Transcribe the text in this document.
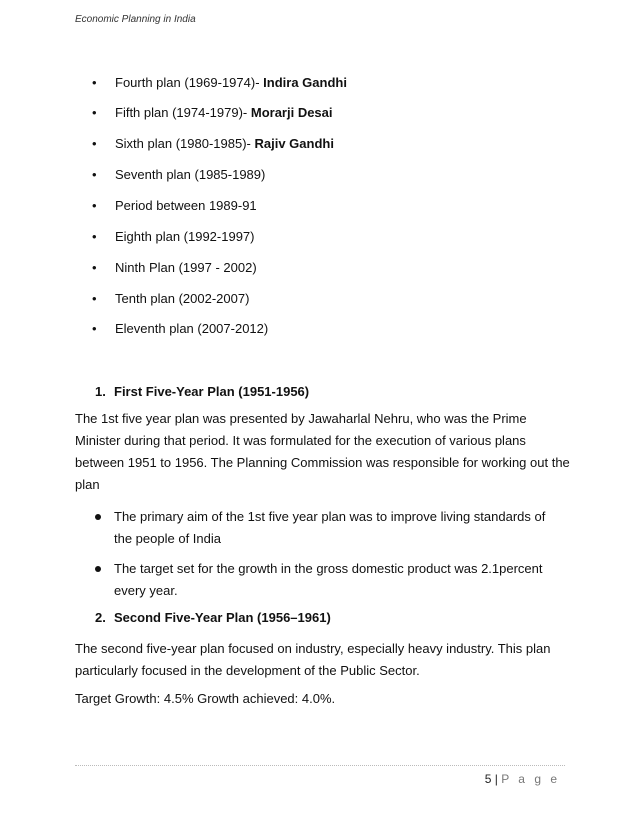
Economic Planning in India
• Fourth plan (1969-1974)- Indira Gandhi
• Fifth plan (1974-1979)- Morarji Desai
• Sixth plan (1980-1985)- Rajiv Gandhi
• Seventh plan (1985-1989)
• Period between 1989-91
• Eighth plan (1992-1997)
• Ninth Plan (1997 - 2002)
• Tenth plan (2002-2007)
• Eleventh plan (2007-2012)
1. First Five-Year Plan (1951-1956)
The 1st five year plan was presented by Jawaharlal Nehru, who was the Prime Minister during that period. It was formulated for the execution of various plans between 1951 to 1956. The Planning Commission was responsible for working out the plan
The primary aim of the 1st five year plan was to improve living standards of the people of India
The target set for the growth in the gross domestic product was 2.1percent every year.
2. Second Five-Year Plan (1956–1961)
The second five-year plan focused on industry, especially heavy industry. This plan particularly focused in the development of the Public Sector.
Target Growth: 4.5% Growth achieved: 4.0%.
5 | P a g e
